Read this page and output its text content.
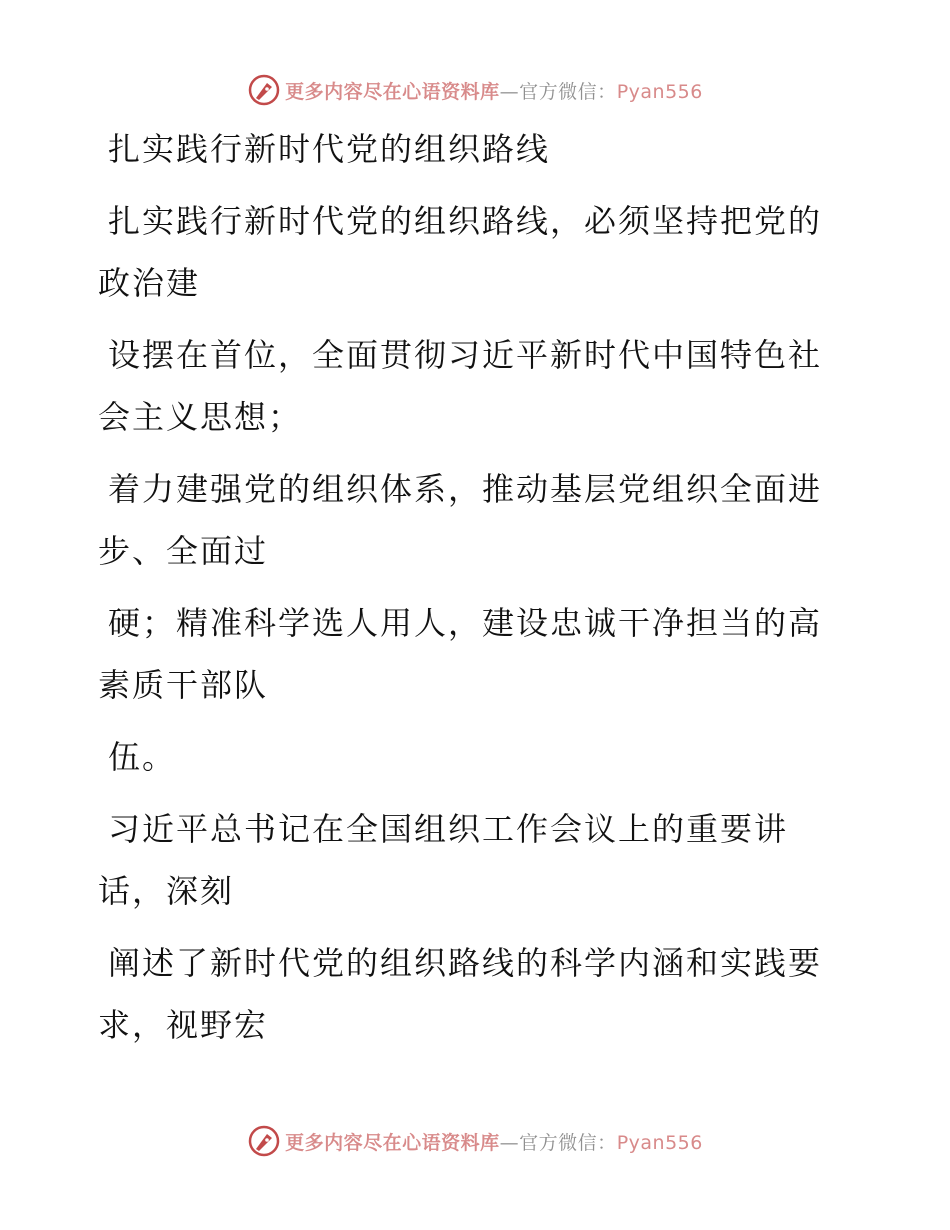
更多内容尽在心语资料库—官方微信：Pyan556

扎实践行新时代党的组织路线

扎实践行新时代党的组织路线，必须坚持把党的政治建

设摆在首位，全面贯彻习近平新时代中国特色社会主义思想；

着力建强党的组织体系，推动基层党组织全面进步、全面过

硬；精准科学选人用人，建设忠诚干净担当的高素质干部队

伍。

习近平总书记在全国组织工作会议上的重要讲话，深刻

阐述了新时代党的组织路线的科学内涵和实践要求，视野宏

更多内容尽在心语资料库—官方微信：Pyan556
